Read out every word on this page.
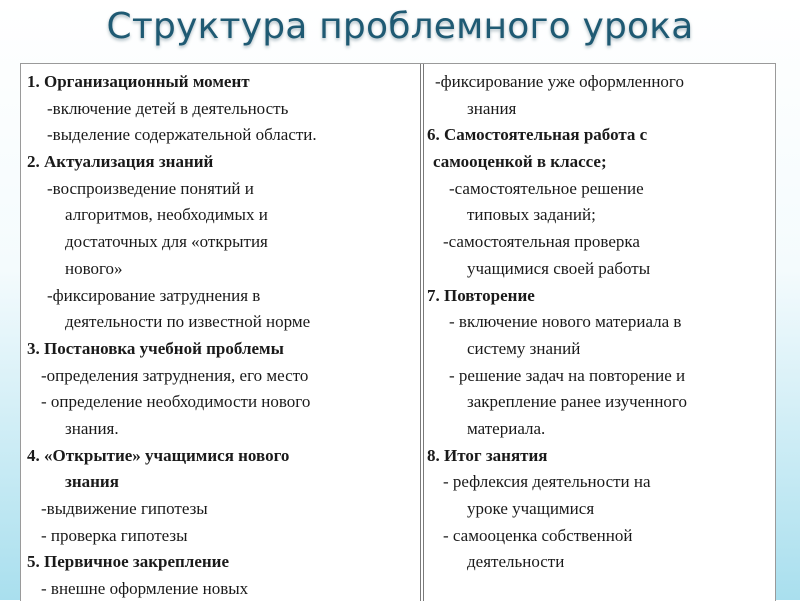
Структура проблемного урока
1. Организационный момент
-включение детей в деятельность
-выделение содержательной области.
2. Актуализация знаний
-воспроизведение понятий и
алгоритмов, необходимых и
достаточных для «открытия
нового»
-фиксирование затруднения в
деятельности по известной норме
3. Постановка учебной проблемы
-определения затруднения, его место
- определение необходимости нового
знания.
4. «Открытие» учащимися нового
знания
-выдвижение гипотезы
- проверка гипотезы
5. Первичное закрепление
- внешне оформление новых
-фиксирование уже оформленного
знания
6. Самостоятельная работа с
самооценкой в классе;
-самостоятельное решение
типовых заданий;
-самостоятельная проверка
учащимися своей работы
7. Повторение
- включение нового материала в
систему знаний
- решение задач на повторение и
закрепление ранее изученного
материала.
8. Итог занятия
- рефлексия деятельности на
уроке учащимися
- самооценка собственной
деятельности
